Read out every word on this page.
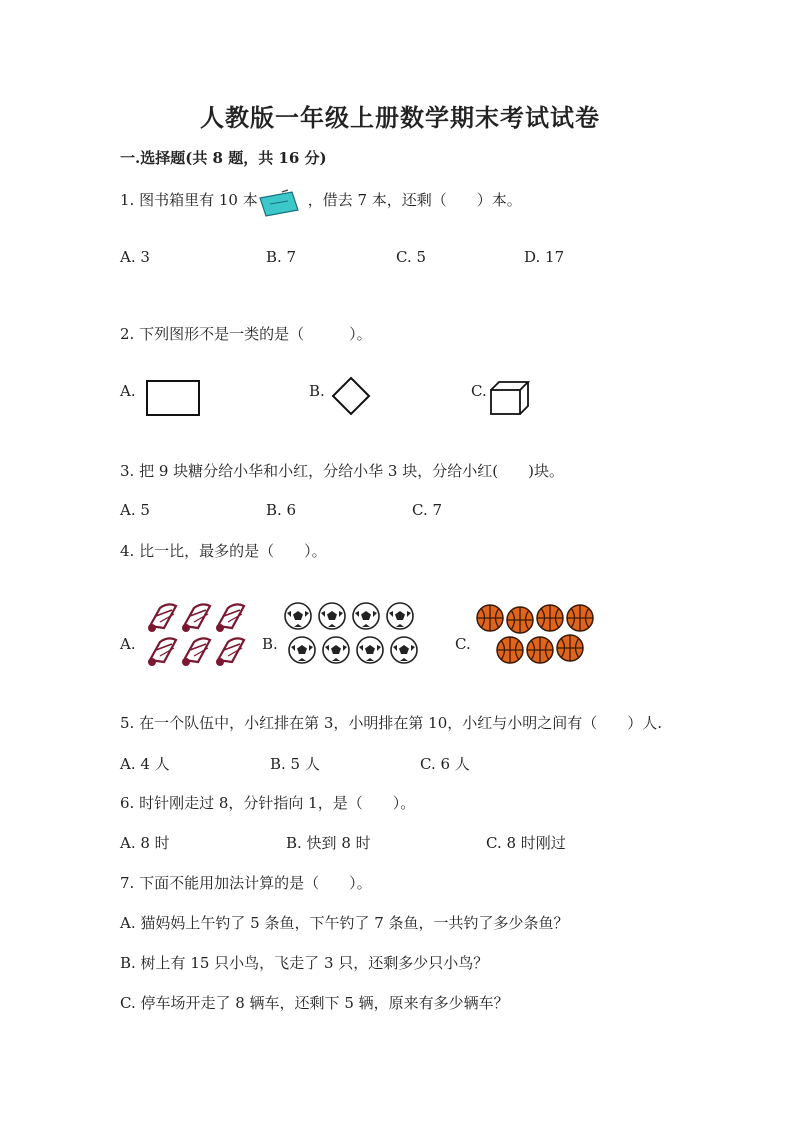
人教版一年级上册数学期末考试试卷
一.选择题(共 8 题，共 16 分)
1. 图书箱里有 10 本	，借去 7 本，还剩（　　）本。
A. 3	B. 7	C. 5	D. 17
2. 下列图形不是一类的是（　　　）。
A.	B.	C.
3. 把 9 块糖分给小华和小红，分给小华 3 块，分给小红(　　)块。
A. 5	B. 6	C. 7
4. 比一比，最多的是（　　）。
A.	B.	C.
5. 在一个队伍中，小红排在第 3，小明排在第 10，小红与小明之间有（　　）人.
A. 4 人	B. 5 人	C. 6 人
6. 时针刚走过 8，分针指向 1，是（　　）。
A. 8 时	B. 快到 8 时	C. 8 时刚过
7. 下面不能用加法计算的是（　　）。
A. 猫妈妈上午钓了 5 条鱼，下午钓了 7 条鱼，一共钓了多少条鱼？
B. 树上有 15 只小鸟，飞走了 3 只，还剩多少只小鸟？
C. 停车场开走了 8 辆车，还剩下 5 辆，原来有多少辆车？
